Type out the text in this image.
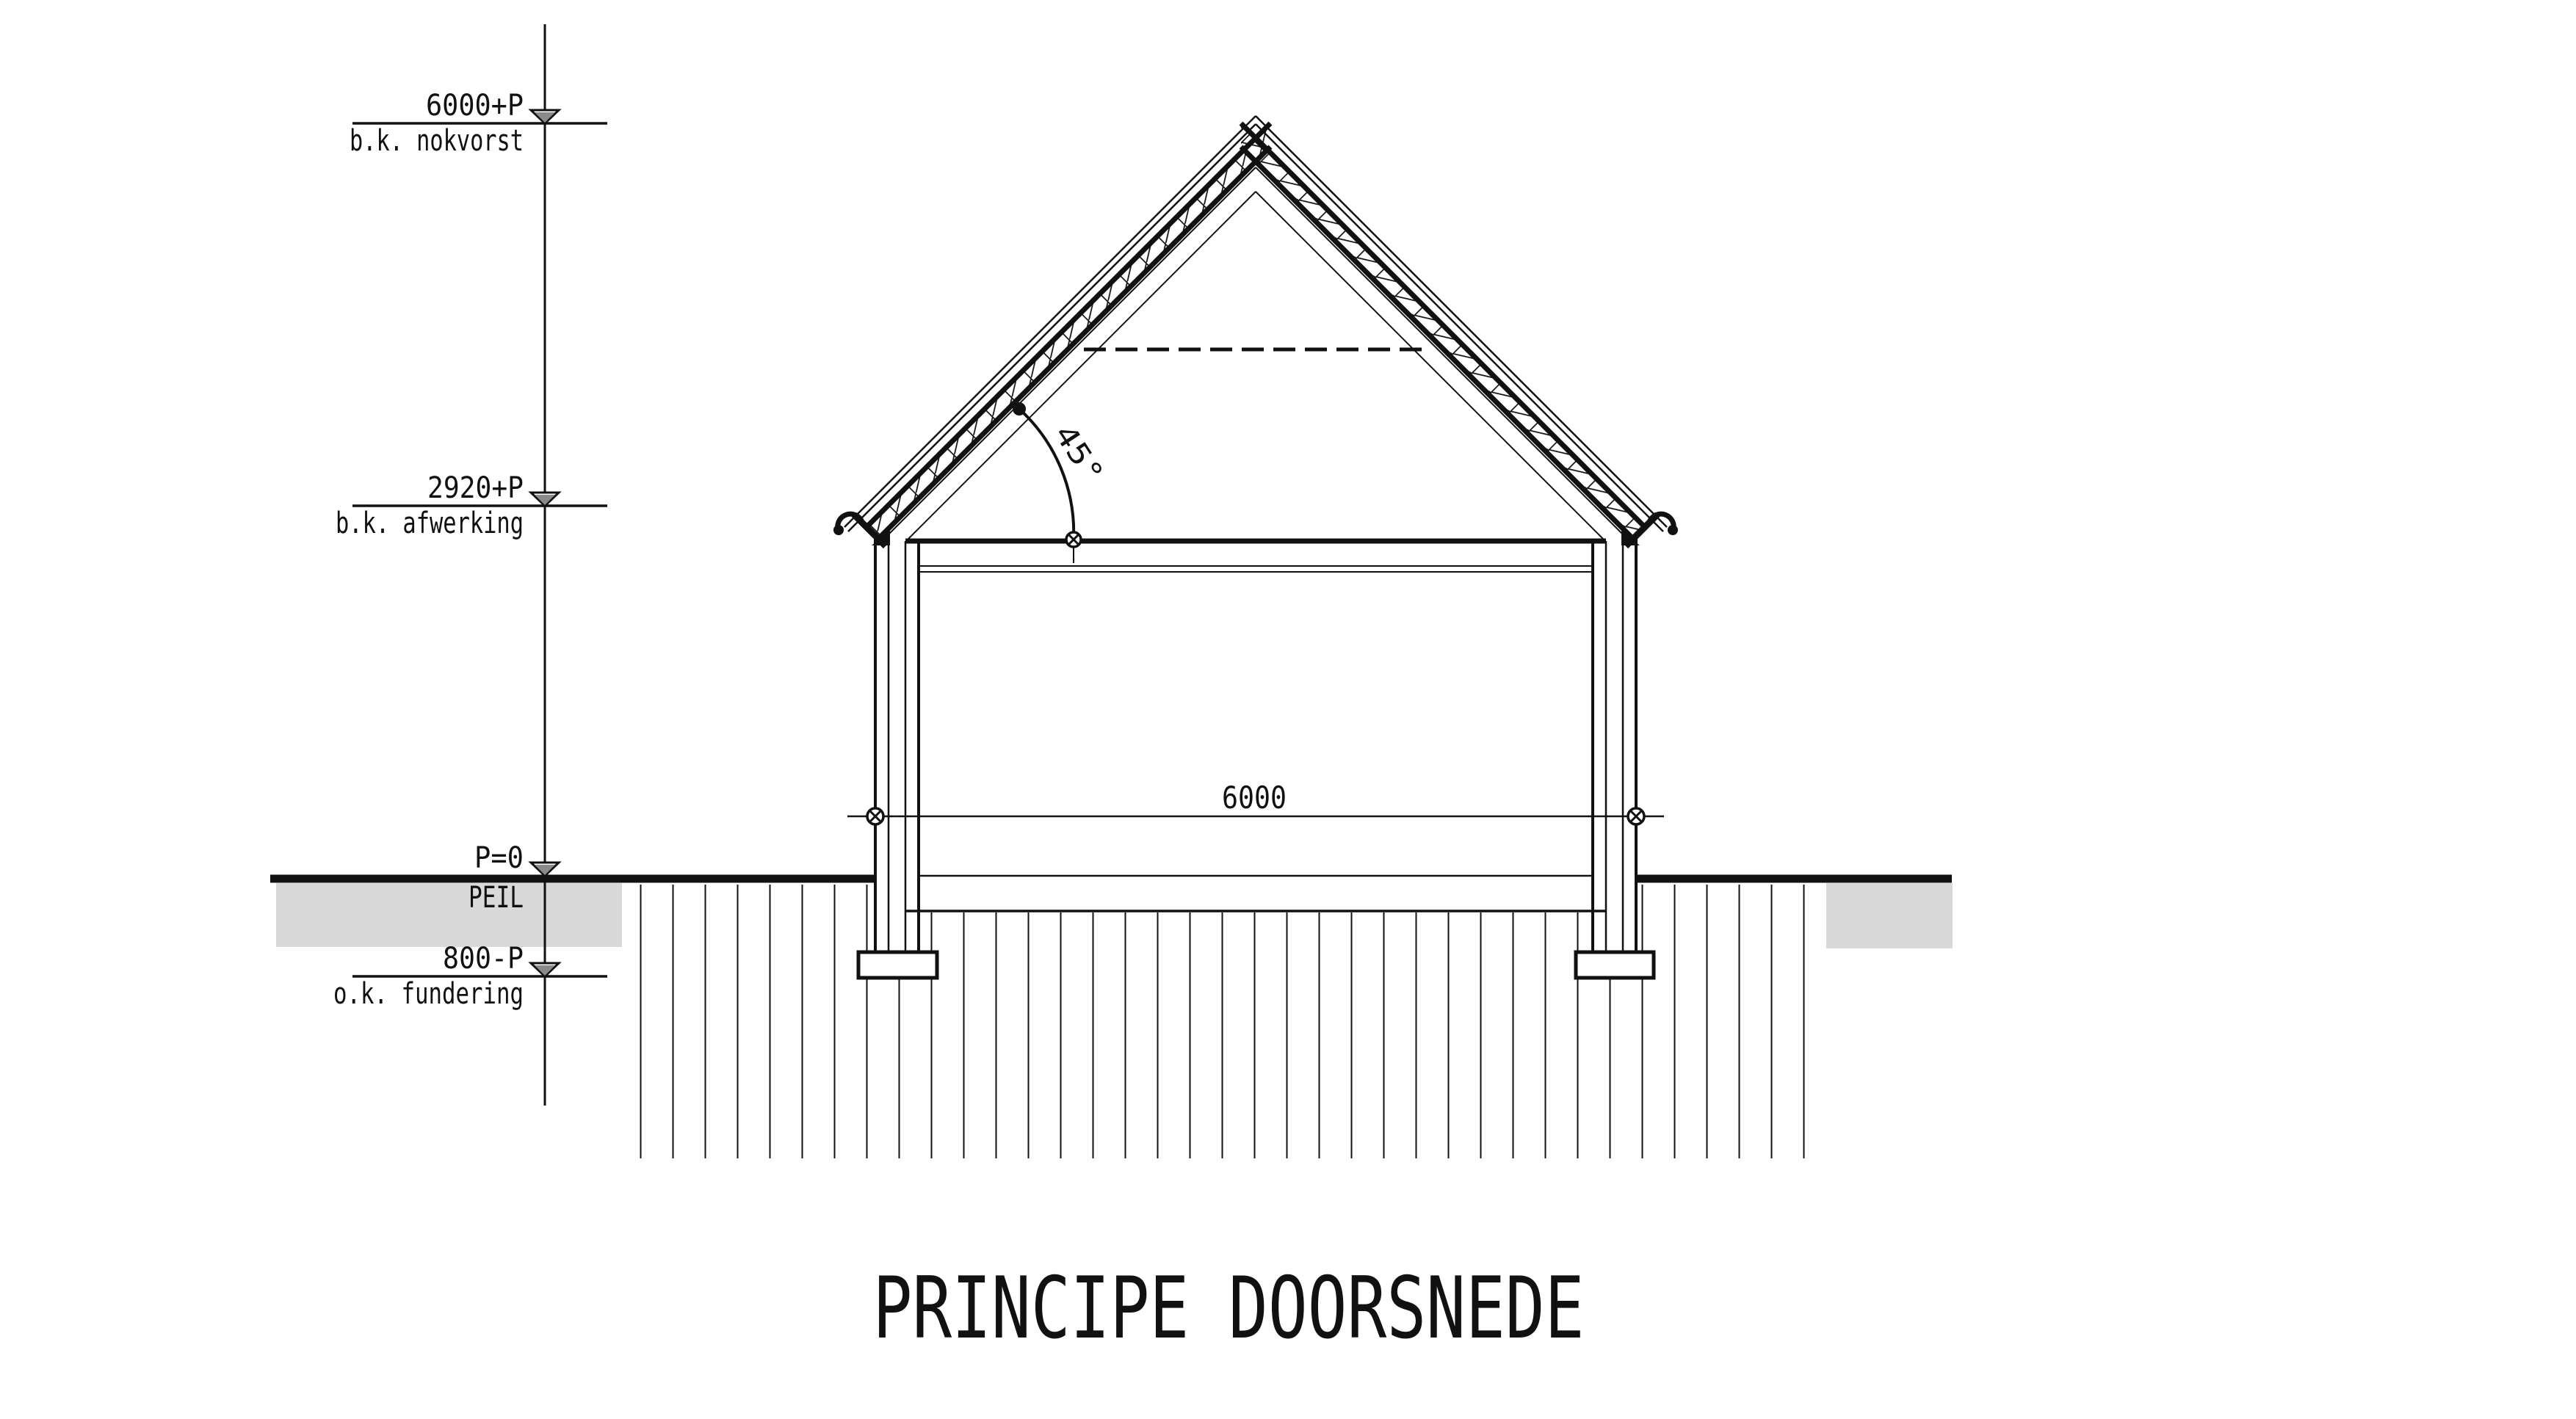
6000
45°
6000+P
b.k. nokvorst
2920+P
b.k. afwerking
P=0
PEIL
800-P
o.k. fundering
PRINCIPE DOORSNEDE
